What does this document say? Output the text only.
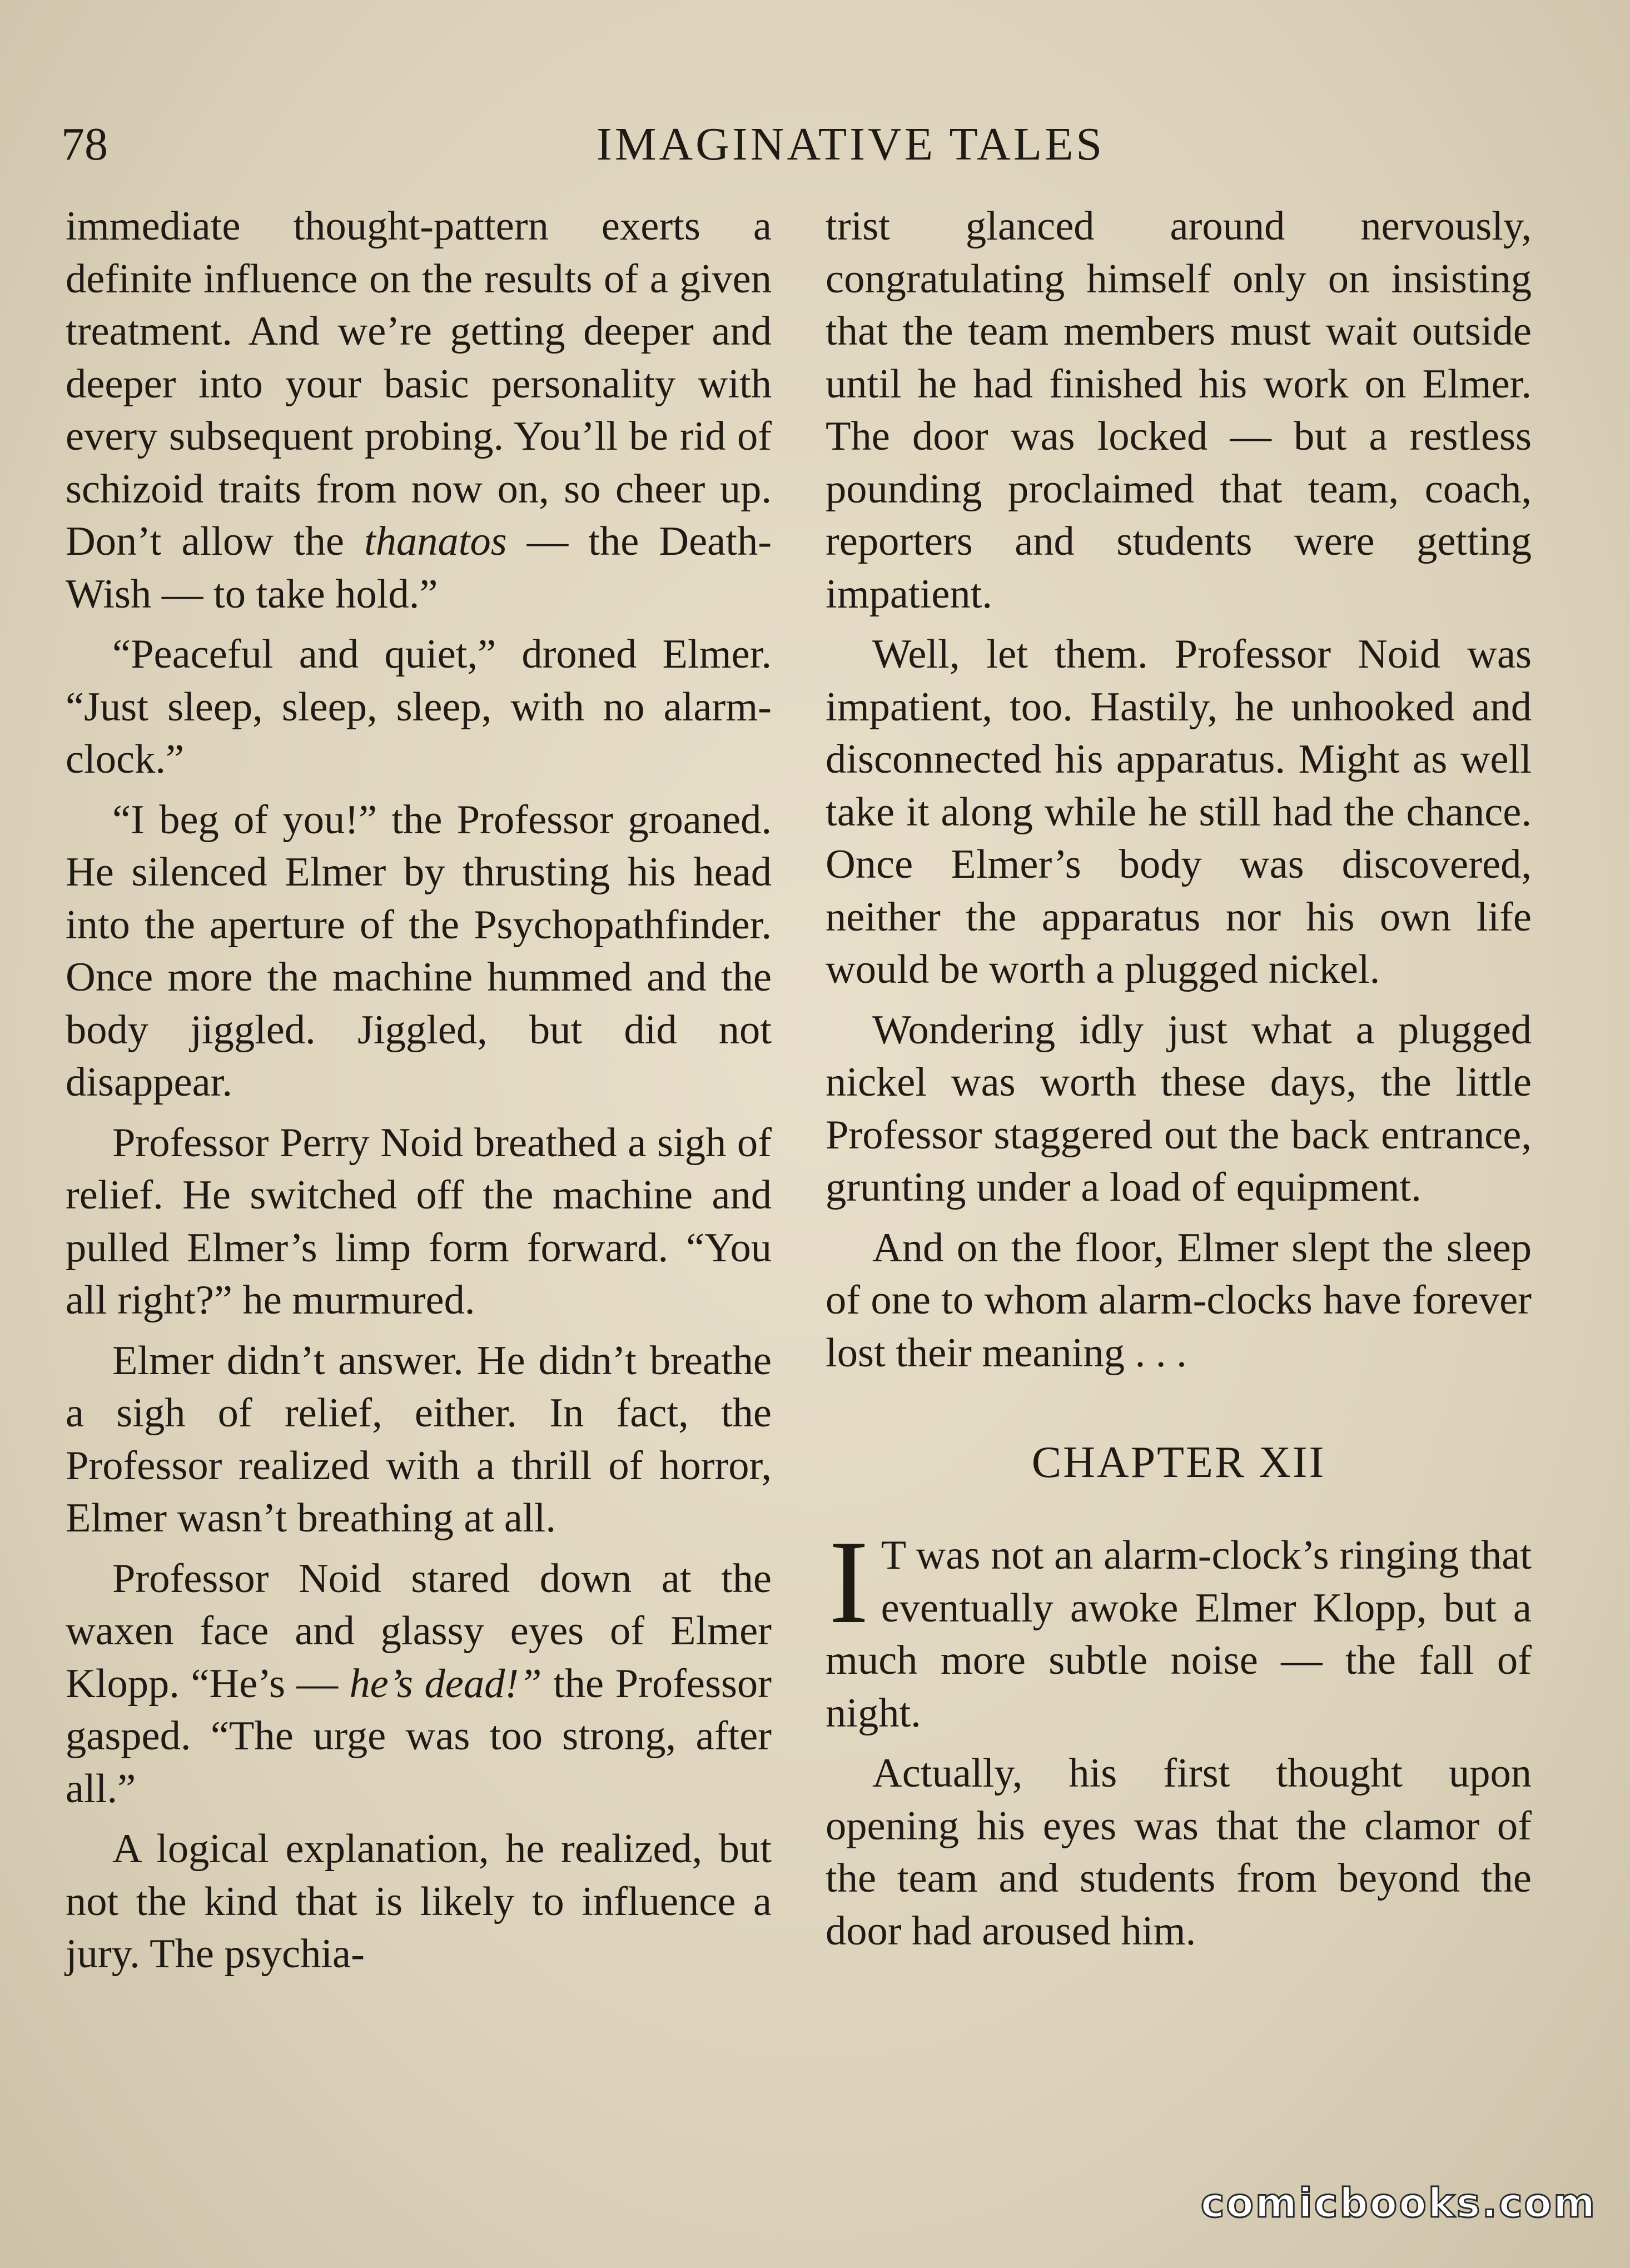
78	IMAGINATIVE TALES

immediate thought-pattern exerts a definite influence on the results of a given treatment. And we’re getting deeper and deeper into your basic personality with every subsequent probing. You’ll be rid of schizoid traits from now on, so cheer up. Don’t allow the thanatos — the Death-Wish — to take hold.”

“Peaceful and quiet,” droned Elmer. “Just sleep, sleep, sleep, with no alarm-clock.”

“I beg of you!” the Professor groaned. He silenced Elmer by thrusting his head into the aperture of the Psychopathfinder. Once more the machine hummed and the body jiggled. Jiggled, but did not disappear.

Professor Perry Noid breathed a sigh of relief. He switched off the machine and pulled Elmer’s limp form forward. “You all right?” he murmured.

Elmer didn’t answer. He didn’t breathe a sigh of relief, either. In fact, the Professor realized with a thrill of horror, Elmer wasn’t breathing at all.

Professor Noid stared down at the waxen face and glassy eyes of Elmer Klopp. “He’s — he’s dead!” the Professor gasped. “The urge was too strong, after all.”

A logical explanation, he realized, but not the kind that is likely to influence a jury. The psychia-

trist glanced around nervously, congratulating himself only on insisting that the team members must wait outside until he had finished his work on Elmer. The door was locked — but a restless pounding proclaimed that team, coach, reporters and students were getting impatient.

Well, let them. Professor Noid was impatient, too. Hastily, he unhooked and disconnected his apparatus. Might as well take it along while he still had the chance. Once Elmer’s body was discovered, neither the apparatus nor his own life would be worth a plugged nickel.

Wondering idly just what a plugged nickel was worth these days, the little Professor staggered out the back entrance, grunting under a load of equipment.

And on the floor, Elmer slept the sleep of one to whom alarm-clocks have forever lost their meaning . . .

CHAPTER XII

I T was not an alarm-clock’s ringing that eventually awoke Elmer Klopp, but a much more subtle noise — the fall of night.

Actually, his first thought upon opening his eyes was that the clamor of the team and students from beyond the door had aroused him.

comicbooks.com
